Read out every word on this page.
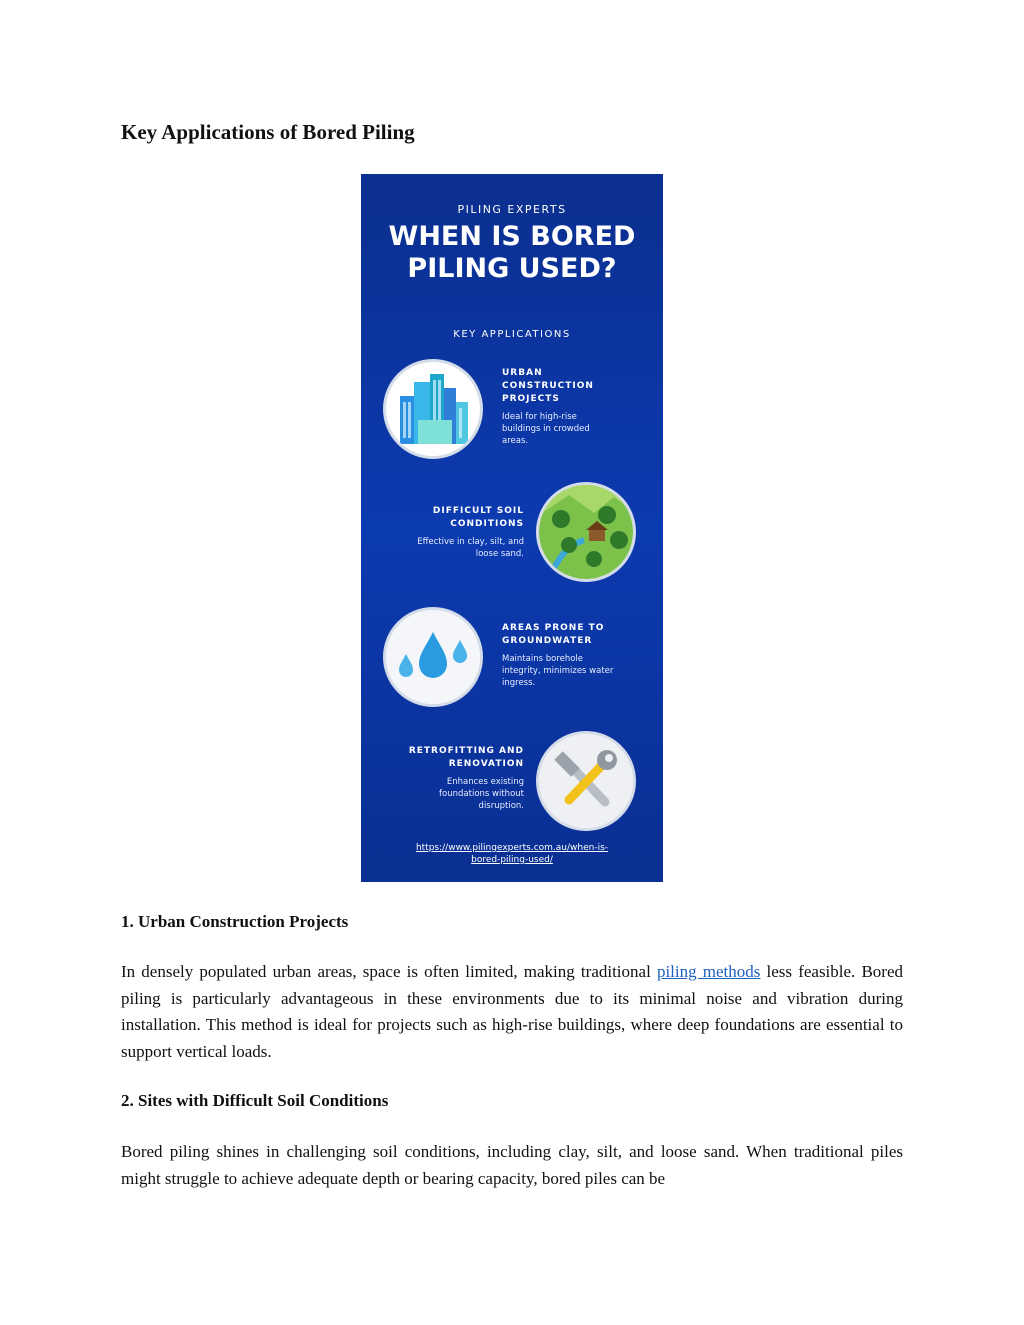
Key Applications of Bored Piling
PILING EXPERTS
WHEN IS BORED PILING USED?
KEY APPLICATIONS
URBAN
CONSTRUCTION
PROJECTS
Ideal for high-rise
buildings in crowded
areas.
DIFFICULT SOIL
CONDITIONS
Effective in clay, silt, and
loose sand.
AREAS PRONE TO
GROUNDWATER
Maintains borehole
integrity, minimizes water
ingress.
RETROFITTING AND
RENOVATION
Enhances existing
foundations without
disruption.
https://www.pilingexperts.com.au/when-is-
bored-piling-used/
1. Urban Construction Projects

In densely populated urban areas, space is often limited, making traditional piling methods less feasible. Bored piling is particularly advantageous in these environments due to its minimal noise and vibration during installation. This method is ideal for projects such as high-rise buildings, where deep foundations are essential to support vertical loads.

2. Sites with Difficult Soil Conditions

Bored piling shines in challenging soil conditions, including clay, silt, and loose sand. When traditional piles might struggle to achieve adequate depth or bearing capacity, bored piles can be
